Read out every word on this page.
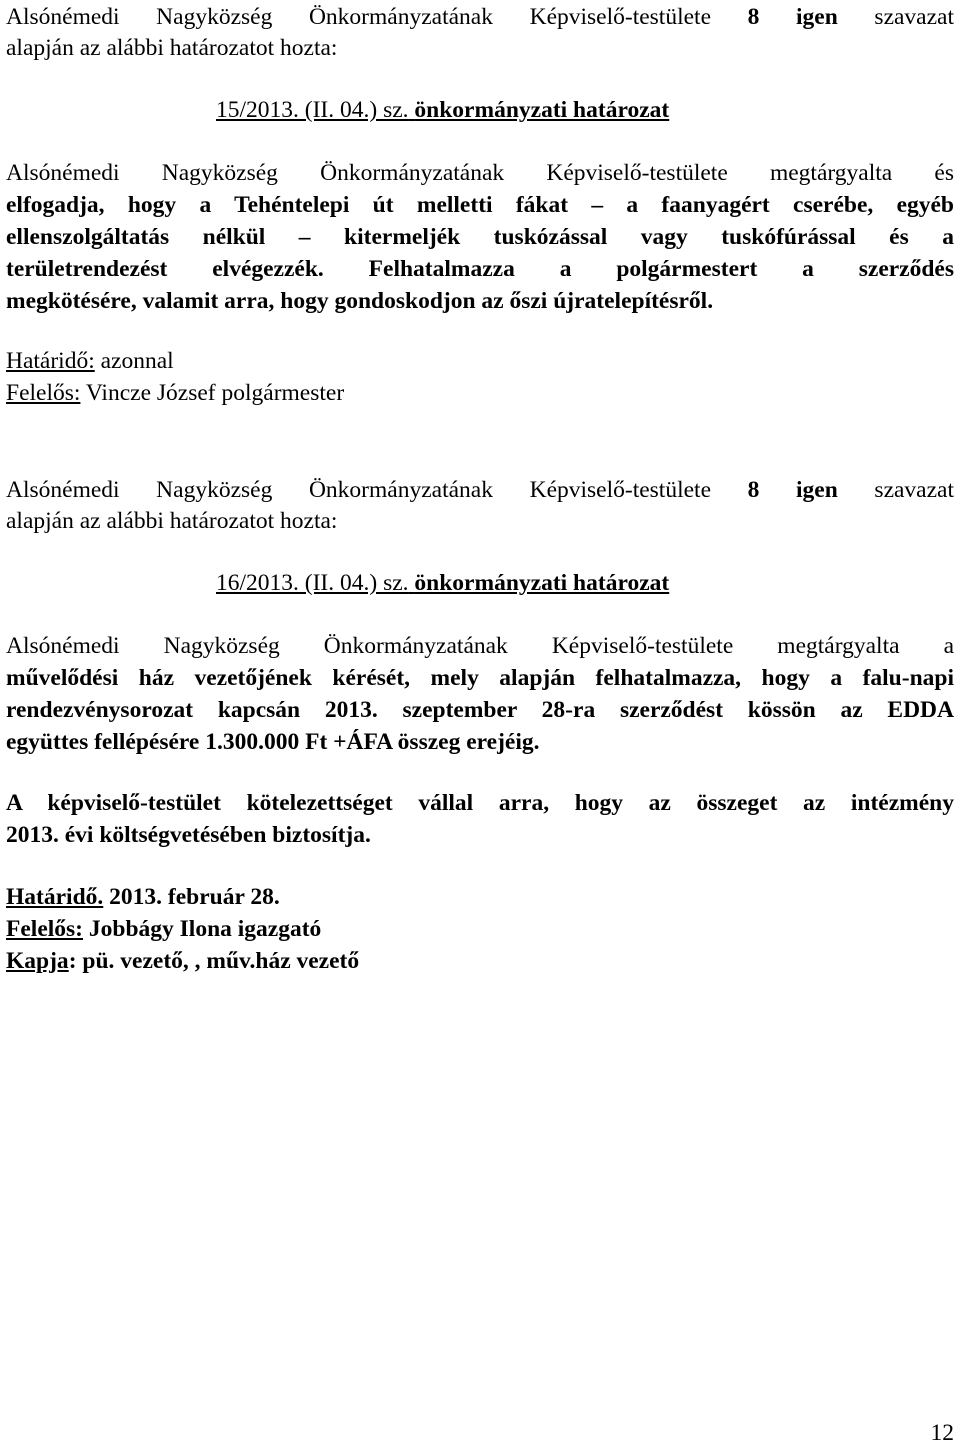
Alsónémedi Nagyközség Önkormányzatának Képviselő-testülete 8 igen szavazat
alapján az alábbi határozatot hozta:
15/2013. (II. 04.) sz. önkormányzati határozat
Alsónémedi Nagyközség Önkormányzatának Képviselő-testülete megtárgyalta és
elfogadja, hogy a Tehéntelepi út melletti fákat – a faanyagért cserébe, egyéb
ellenszolgáltatás nélkül – kitermeljék tuskózással vagy tuskófúrással és a
területrendezést elvégezzék. Felhatalmazza a polgármestert a szerződés
megkötésére, valamit arra, hogy gondoskodjon az őszi újratelepítésről.
Határidő: azonnal
Felelős: Vincze József polgármester
Alsónémedi Nagyközség Önkormányzatának Képviselő-testülete 8 igen szavazat
alapján az alábbi határozatot hozta:
16/2013. (II. 04.) sz. önkormányzati határozat
Alsónémedi Nagyközség Önkormányzatának Képviselő-testülete megtárgyalta a
művelődési ház vezetőjének kérését, mely alapján felhatalmazza, hogy a falu-napi
rendezvénysorozat kapcsán 2013. szeptember 28-ra szerződést kössön az EDDA
együttes fellépésére 1.300.000 Ft +ÁFA összeg erejéig.
A képviselő-testület kötelezettséget vállal arra, hogy az összeget az intézmény
2013. évi költségvetésében biztosítja.
Határidő. 2013. február 28.
Felelős: Jobbágy Ilona igazgató
Kapja: pü. vezető, , műv.ház vezető
12
